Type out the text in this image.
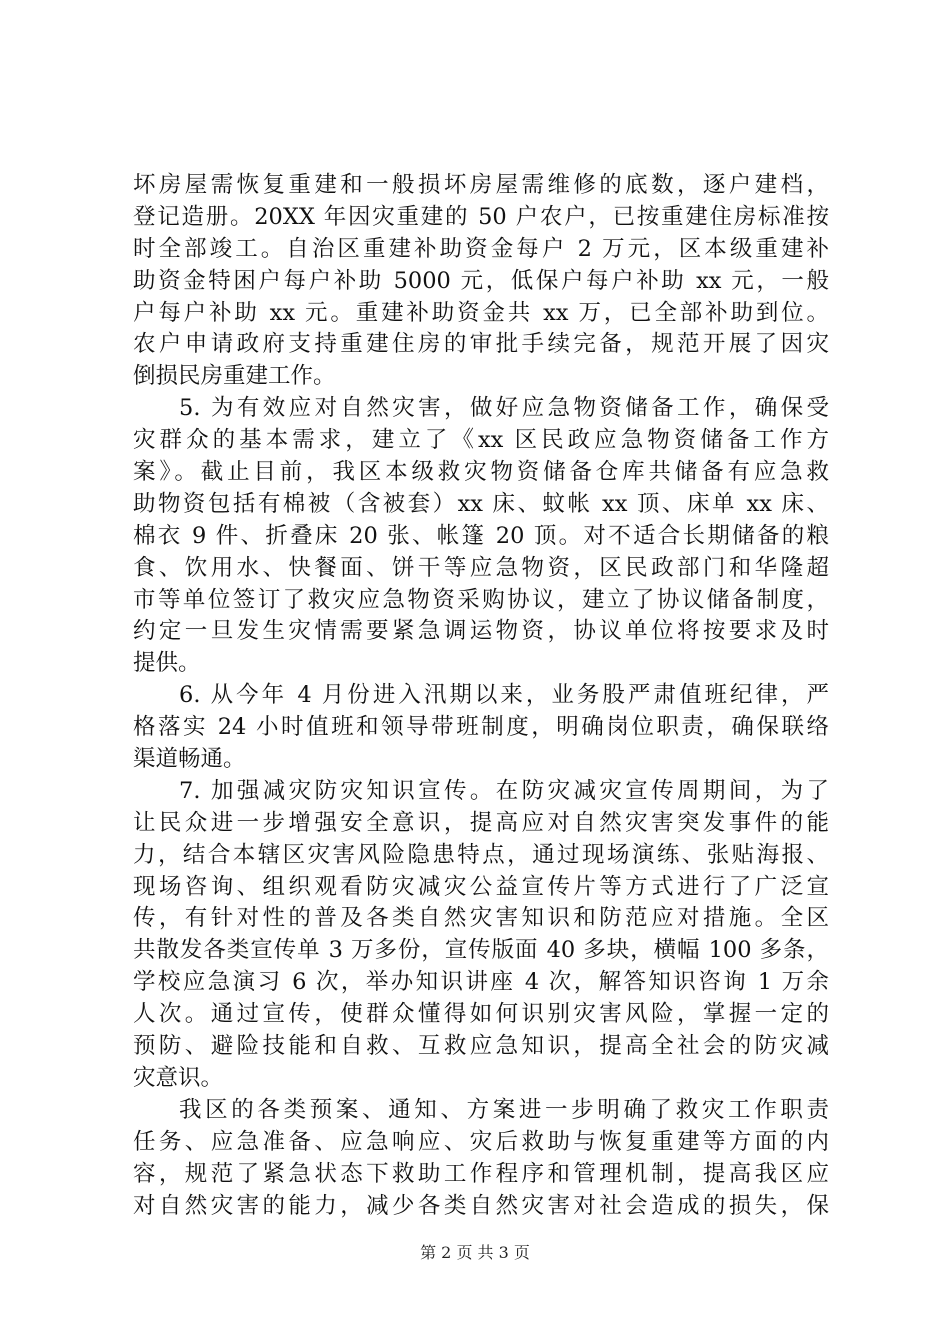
坏房屋需恢复重建和一般损坏房屋需维修的底数，逐户建档，
登记造册。20XX 年因灾重建的 50 户农户，已按重建住房标准按
时全部竣工。自治区重建补助资金每户 2 万元，区本级重建补
助资金特困户每户补助 5000 元，低保户每户补助 xx 元，一般
户每户补助 xx 元。重建补助资金共 xx 万，已全部补助到位。
农户申请政府支持重建住房的审批手续完备，规范开展了因灾
倒损民房重建工作。
5. 为有效应对自然灾害，做好应急物资储备工作，确保受
灾群众的基本需求，建立了《xx 区民政应急物资储备工作方
案》。截止目前，我区本级救灾物资储备仓库共储备有应急救
助物资包括有棉被（含被套）xx 床、蚊帐 xx 顶、床单 xx 床、
棉衣 9 件、折叠床 20 张、帐篷 20 顶。对不适合长期储备的粮
食、饮用水、快餐面、饼干等应急物资，区民政部门和华隆超
市等单位签订了救灾应急物资采购协议，建立了协议储备制度，
约定一旦发生灾情需要紧急调运物资，协议单位将按要求及时
提供。
6. 从今年 4 月份进入汛期以来，业务股严肃值班纪律，严
格落实 24 小时值班和领导带班制度，明确岗位职责，确保联络
渠道畅通。
7. 加强减灾防灾知识宣传。在防灾减灾宣传周期间，为了
让民众进一步增强安全意识，提高应对自然灾害突发事件的能
力，结合本辖区灾害风险隐患特点，通过现场演练、张贴海报、
现场咨询、组织观看防灾减灾公益宣传片等方式进行了广泛宣
传，有针对性的普及各类自然灾害知识和防范应对措施。全区
共散发各类宣传单 3 万多份，宣传版面 40 多块，横幅 100 多条，
学校应急演习 6 次，举办知识讲座 4 次，解答知识咨询 1 万余
人次。通过宣传，使群众懂得如何识别灾害风险，掌握一定的
预防、避险技能和自救、互救应急知识，提高全社会的防灾减
灾意识。
我区的各类预案、通知、方案进一步明确了救灾工作职责
任务、应急准备、应急响应、灾后救助与恢复重建等方面的内
容，规范了紧急状态下救助工作程序和管理机制，提高我区应
对自然灾害的能力，减少各类自然灾害对社会造成的损失，保
第 2 页 共 3 页
